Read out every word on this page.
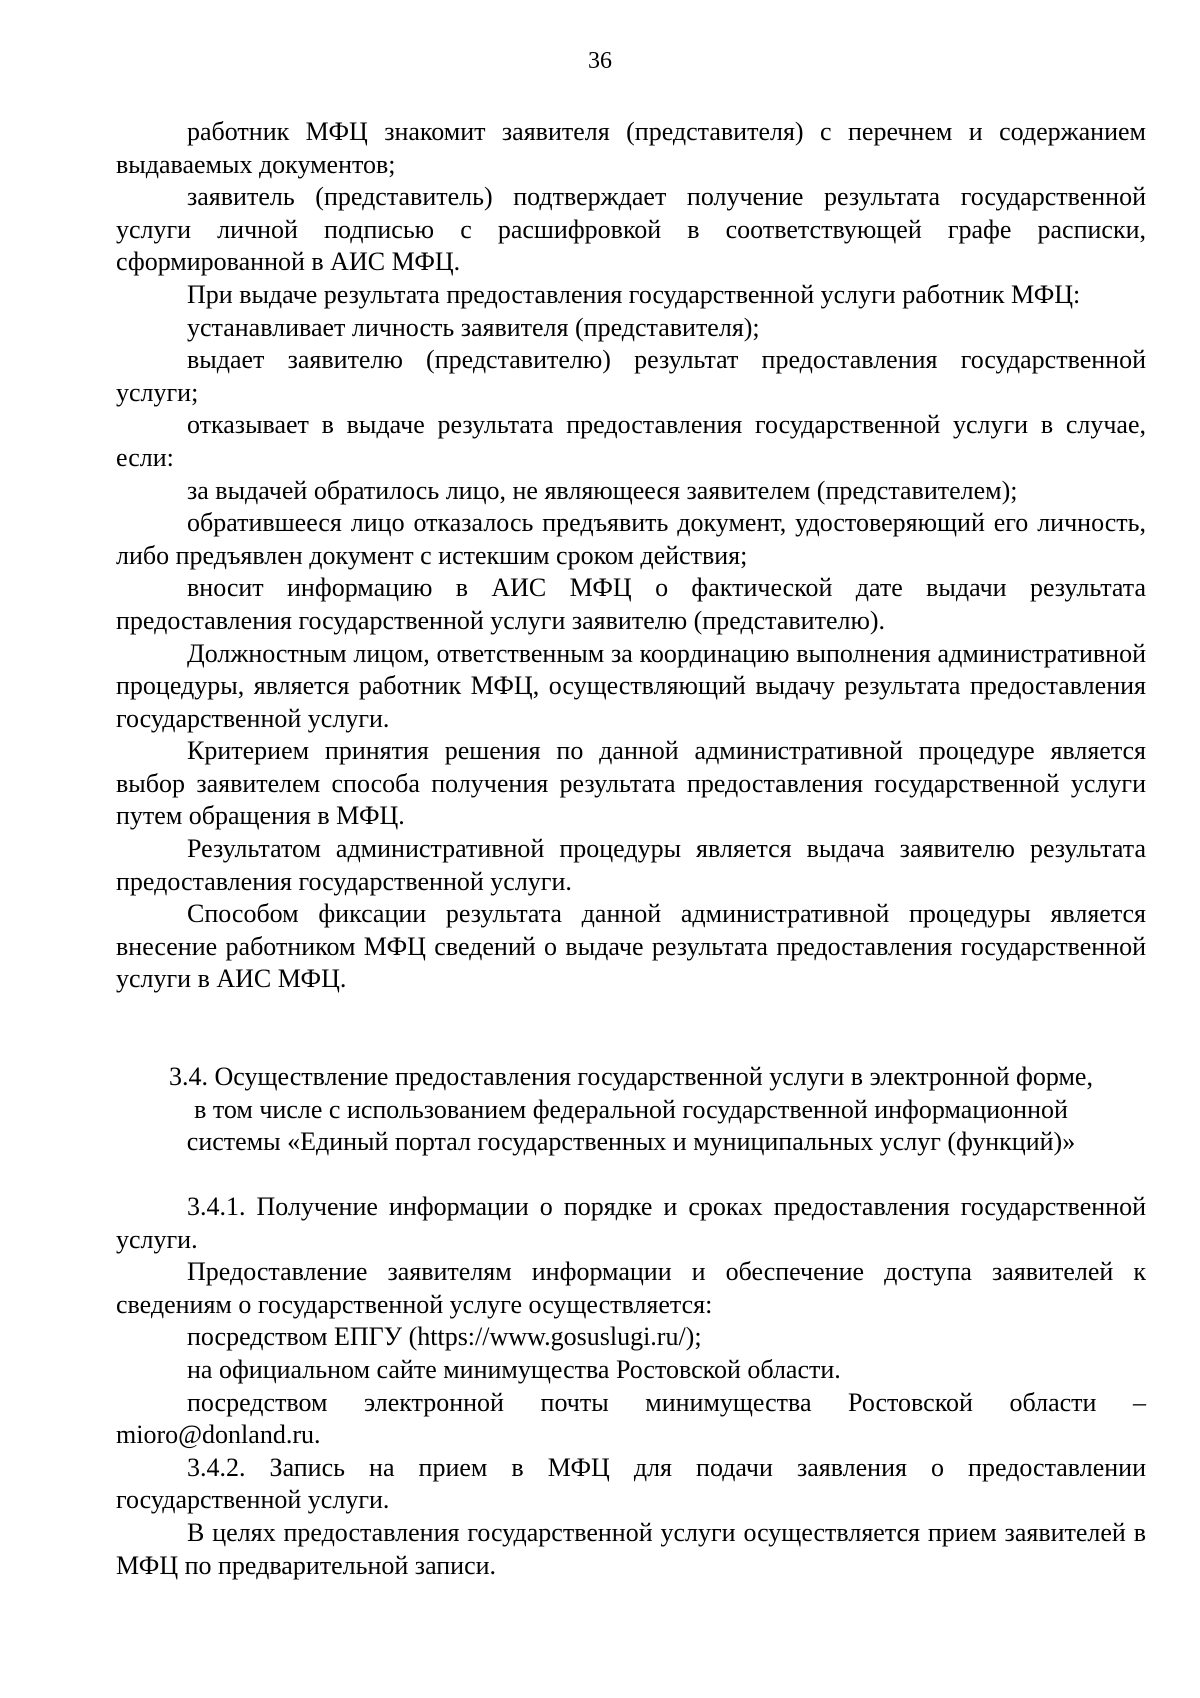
36

работник МФЦ знакомит заявителя (представителя) с перечнем и содержанием выдаваемых документов;

заявитель (представитель) подтверждает получение результата государственной услуги личной подписью с расшифровкой в соответствующей графе расписки, сформированной в АИС МФЦ.

При выдаче результата предоставления государственной услуги работник МФЦ:

устанавливает личность заявителя (представителя);

выдает заявителю (представителю) результат предоставления государственной услуги;

отказывает в выдаче результата предоставления государственной услуги в случае, если:

за выдачей обратилось лицо, не являющееся заявителем (представителем);

обратившееся лицо отказалось предъявить документ, удостоверяющий его личность, либо предъявлен документ с истекшим сроком действия;

вносит информацию в АИС МФЦ о фактической дате выдачи результата предоставления государственной услуги заявителю (представителю).

Должностным лицом, ответственным за координацию выполнения административной процедуры, является работник МФЦ, осуществляющий выдачу результата предоставления государственной услуги.

Критерием принятия решения по данной административной процедуре является выбор заявителем способа получения результата предоставления государственной услуги путем обращения в МФЦ.

Результатом административной процедуры является выдача заявителю результата предоставления государственной услуги.

Способом фиксации результата данной административной процедуры является внесение работником МФЦ сведений о выдаче результата предоставления государственной услуги в АИС МФЦ.

3.4. Осуществление предоставления государственной услуги в электронной форме,
в том числе с использованием федеральной государственной информационной
системы «Единый портал государственных и муниципальных услуг (функций)»

3.4.1. Получение информации о порядке и сроках предоставления государственной услуги.

Предоставление заявителям информации и обеспечение доступа заявителей к сведениям о государственной услуге осуществляется:

посредством ЕПГУ (https://www.gosuslugi.ru/);

на официальном сайте минимущества Ростовской области.

посредством электронной почты минимущества Ростовской области – mioro@donland.ru.

3.4.2. Запись на прием в МФЦ для подачи заявления о предоставлении государственной услуги.

В целях предоставления государственной услуги осуществляется прием заявителей в МФЦ по предварительной записи.
